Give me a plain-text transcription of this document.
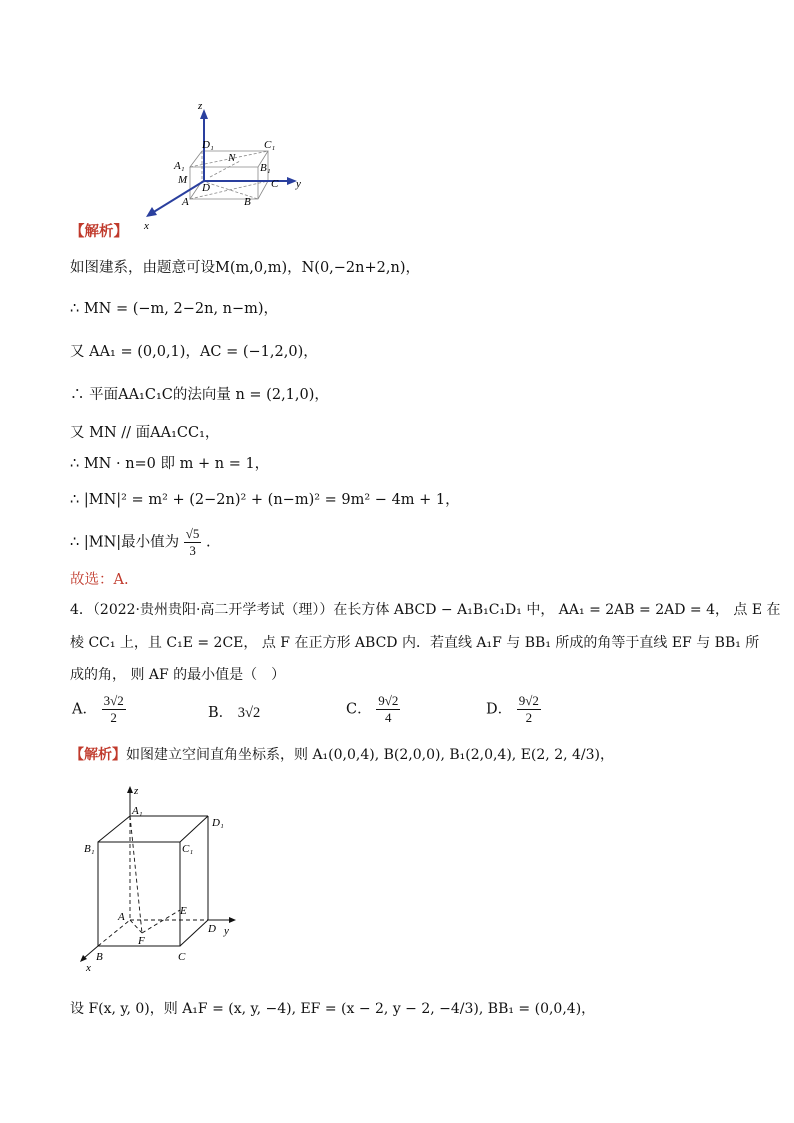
z
y
x
D₁	C₁
A₁	B₁
N
M
D	C
A	B
【解析】
如图建系，由题意可设M(m,0,m)，N(0,−2n+2,n)，
∴ MN = (−m, 2−2n, n−m)，
又 AA₁ = (0,0,1)，AC = (−1,2,0)，
∴ 平面AA₁C₁C的法向量 n = (2,1,0)，
又 MN // 面AA₁CC₁，
∴ MN · n=0 即 m + n = 1，
∴ |MN|² = m² + (2−2n)² + (n−m)² = 9m² − 4m + 1，
∴ |MN|最小值为 $\frac{√5}{3}$ .
故选：A.
4．（2022·贵州贵阳·高二开学考试（理））在长方体 ABCD − A₁B₁C₁D₁ 中， AA₁ = 2AB = 2AD = 4， 点 E 在
棱 CC₁ 上，且 C₁E = 2CE， 点 F 在正方形 ABCD 内．若直线 A₁F 与 BB₁ 所成的角等于直线 EF 与 BB₁ 所
成的角， 则 AF 的最小值是（　）
A． $\frac{3√2}{2}$	B． 3√2	C． $\frac{9√2}{4}$	D． $\frac{9√2}{2}$
【解析】如图建立空间直角坐标系，则 A₁(0,0,4), B(2,0,0), B₁(2,0,4), E(2, 2, 4/3)，
z
A₁
D₁
B₁	C₁
E
A
F
D y
B	C
x
设 F(x, y, 0)，则 A₁F = (x, y, −4), EF = (x − 2, y − 2, −4/3), BB₁ = (0,0,4)，
